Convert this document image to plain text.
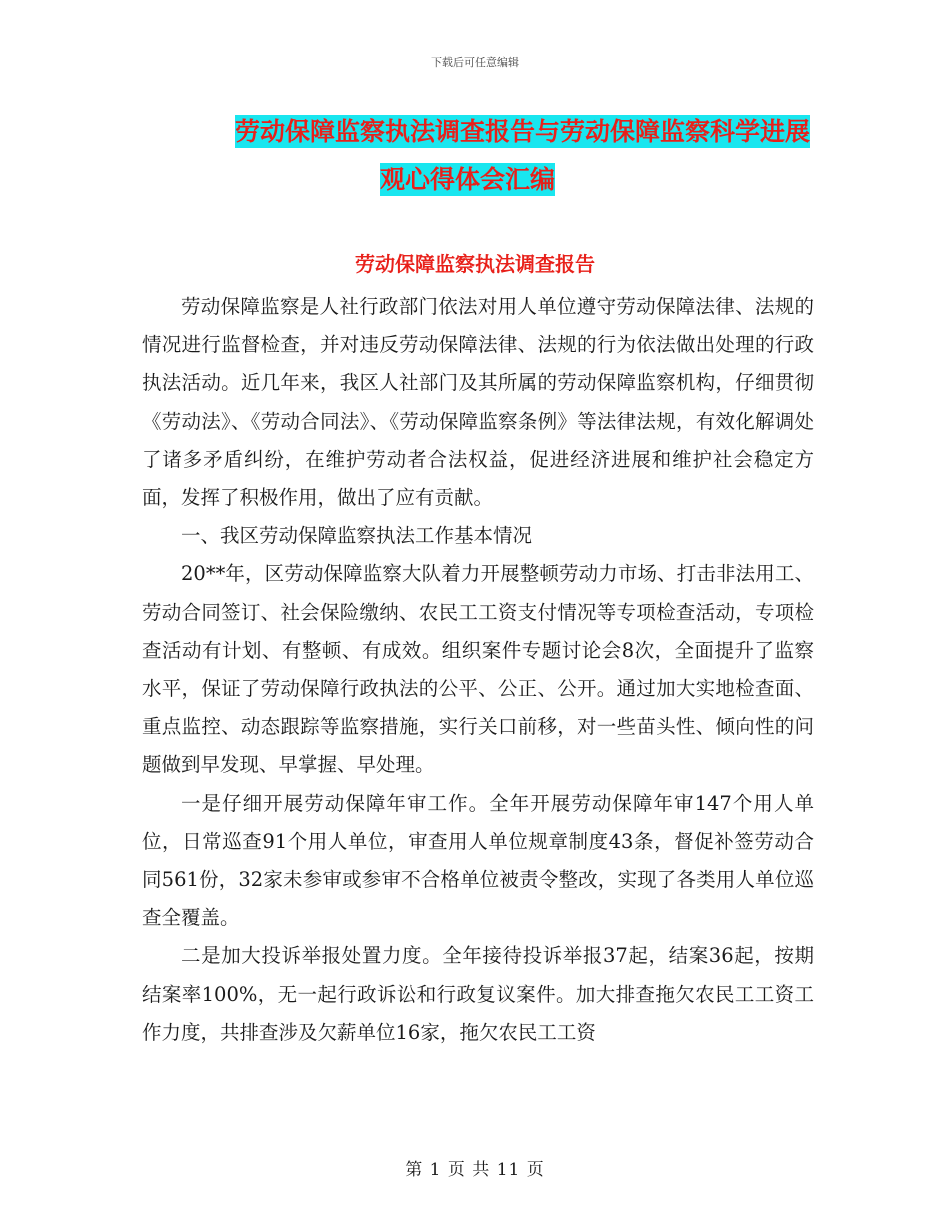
下载后可任意编辑
劳动保障监察执法调查报告与劳动保障监察科学进展
观心得体会汇编
劳动保障监察执法调查报告

劳动保障监察是人社行政部门依法对用人单位遵守劳动保障法律、法规的情况进行监督检查，并对违反劳动保障法律、法规的行为依法做出处理的行政执法活动。近几年来，我区人社部门及其所属的劳动保障监察机构，仔细贯彻《劳动法》、《劳动合同法》、《劳动保障监察条例》等法律法规，有效化解调处了诸多矛盾纠纷，在维护劳动者合法权益，促进经济进展和维护社会稳定方面，发挥了积极作用，做出了应有贡献。

一、我区劳动保障监察执法工作基本情况

20**年，区劳动保障监察大队着力开展整顿劳动力市场、打击非法用工、劳动合同签订、社会保险缴纳、农民工工资支付情况等专项检查活动，专项检查活动有计划、有整顿、有成效。组织案件专题讨论会8次，全面提升了监察水平，保证了劳动保障行政执法的公平、公正、公开。通过加大实地检查面、重点监控、动态跟踪等监察措施，实行关口前移，对一些苗头性、倾向性的问题做到早发现、早掌握、早处理。

一是仔细开展劳动保障年审工作。全年开展劳动保障年审147个用人单位，日常巡查91个用人单位，审查用人单位规章制度43条，督促补签劳动合同561份，32家未参审或参审不合格单位被责令整改，实现了各类用人单位巡查全覆盖。

二是加大投诉举报处置力度。全年接待投诉举报37起，结案36起，按期结案率100%，无一起行政诉讼和行政复议案件。加大排查拖欠农民工工资工作力度，共排查涉及欠薪单位16家，拖欠农民工工资

第 1 页 共 11 页
